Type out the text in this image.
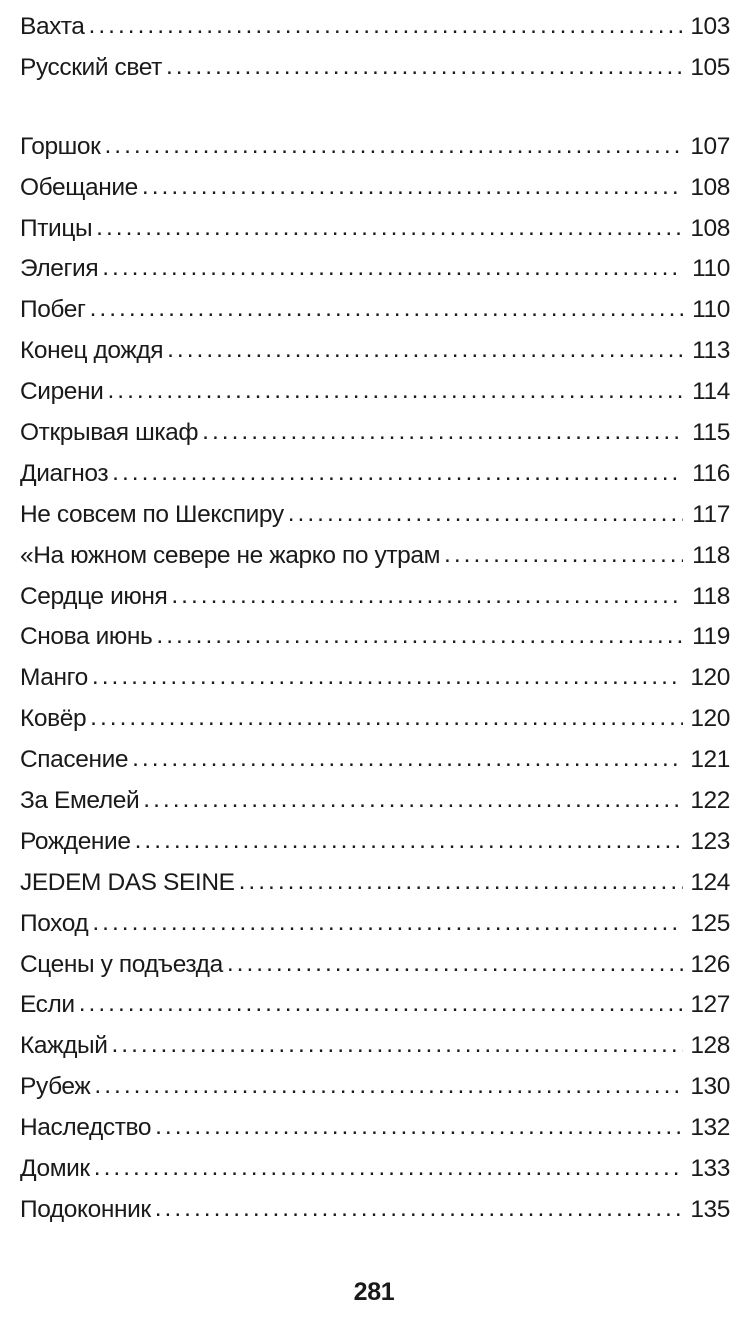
Вахта . . .	103
Русский свет . . .	105
Горшок . . .	107
Обещание . . .	108
Птицы . . .	108
Элегия . . .	110
Побег . . .	110
Конец дождя . . .	113
Сирени . . .	114
Открывая шкаф . . .	115
Диагноз . . .	116
Не совсем по Шекспиру . . .	117
«На южном севере не жарко по утрам . . .	118
Сердце июня . . .	118
Снова июнь . . .	119
Манго . . .	120
Ковёр . . .	120
Спасение . . .	121
За Емелей . . .	122
Рождение . . .	123
JEDEM DAS SEINE . . .	124
Поход . . .	125
Сцены у подъезда . . .	126
Если . . .	127
Каждый . . .	128
Рубеж . . .	130
Наследство . . .	132
Домик . . .	133
Подоконник . . .	135
281
